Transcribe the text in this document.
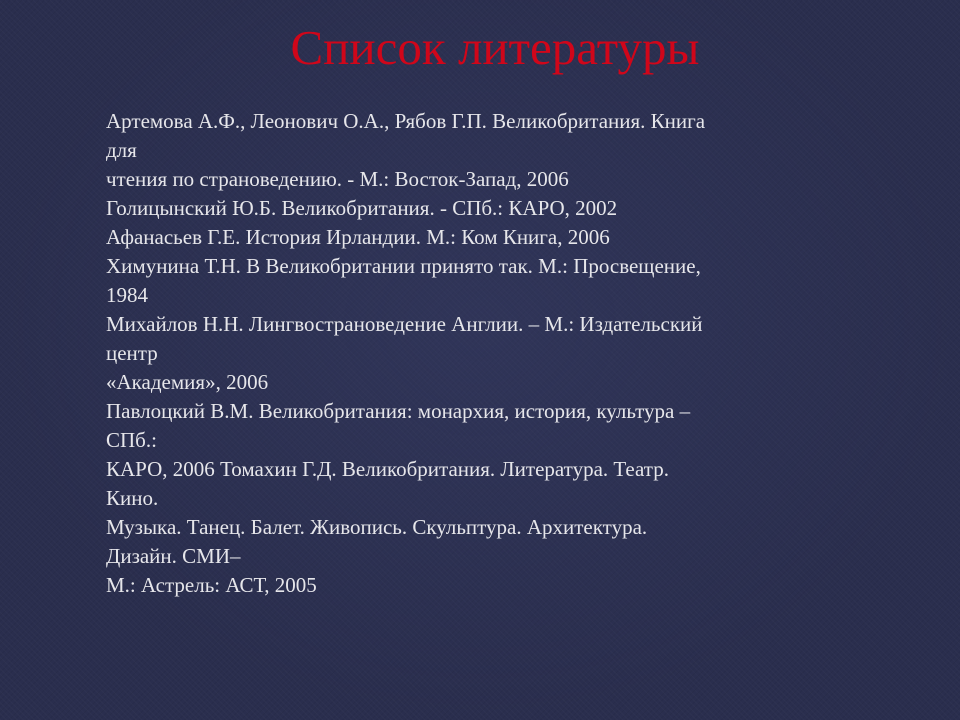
Список литературы
Артемова А.Ф., Леонович О.А., Рябов Г.П. Великобритания. Книга
для
чтения по страноведению. - М.: Восток-Запад, 2006
Голицынский Ю.Б. Великобритания. - СПб.: КАРО, 2002
Афанасьев Г.Е. История Ирландии. М.: Ком Книга, 2006
Химунина Т.Н. В Великобритании принято так. М.: Просвещение,
1984
Михайлов Н.Н. Лингвострановедение Англии. – М.: Издательский
центр
«Академия», 2006
Павлоцкий В.М. Великобритания: монархия, история, культура –
СПб.:
КАРО, 2006 Томахин Г.Д. Великобритания. Литература. Театр.
Кино.
Музыка. Танец. Балет. Живопись. Скульптура. Архитектура.
Дизайн. СМИ–
М.: Астрель: АСТ, 2005
